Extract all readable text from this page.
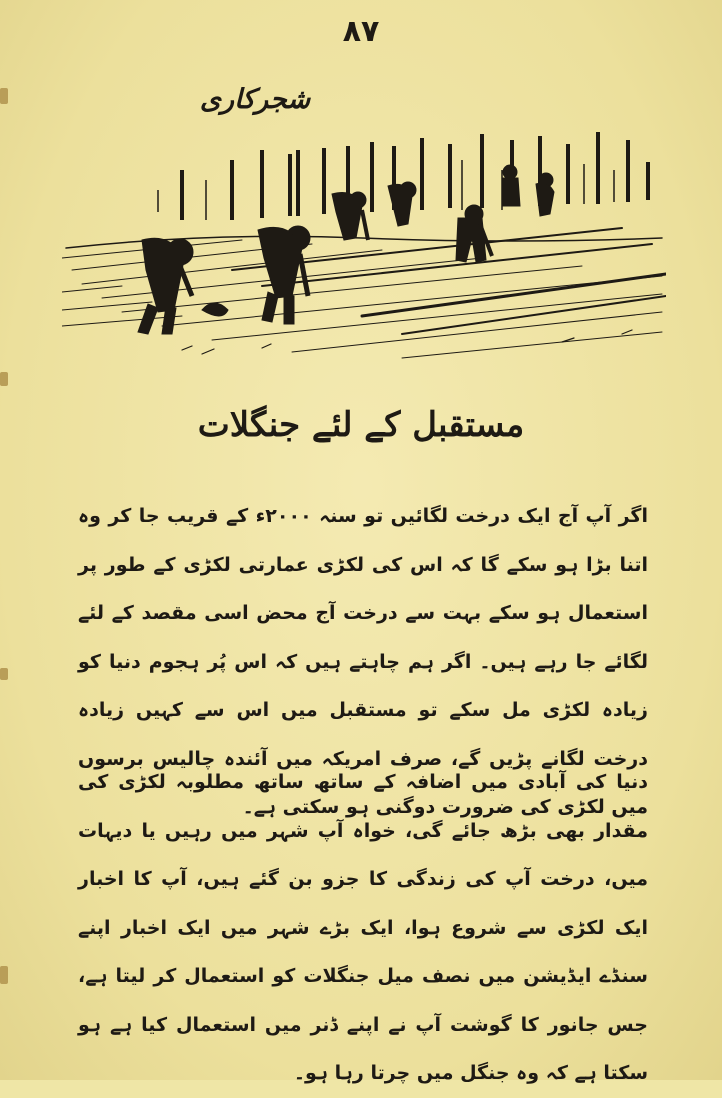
۸۷
شجرکاری
مستقبل کے لئے جنگلات
اگر آپ آج ایک درخت لگائیں تو سنہ ۲۰۰۰ء کے قریب جا کر وہ اتنا بڑا ہو سکے گا کہ اس کی لکڑی عمارتی لکڑی کے طور پر استعمال ہو سکے بہت سے درخت آج محض اسی مقصد کے لئے لگائے جا رہے ہیں۔ اگر ہم چاہتے ہیں کہ اس پُر ہجوم دنیا کو زیادہ لکڑی مل سکے تو مستقبل میں اس سے کہیں زیادہ درخت لگانے پڑیں گے، صرف امریکہ میں آئندہ چالیس برسوں میں لکڑی کی ضرورت دوگنی ہو سکتی ہے۔
دنیا کی آبادی میں اضافہ کے ساتھ ساتھ مطلوبہ لکڑی کی مقدار بھی بڑھ جائے گی، خواہ آپ شہر میں رہیں یا دیہات میں، درخت آپ کی زندگی کا جزو بن گئے ہیں، آپ کا اخبار ایک لکڑی سے شروع ہوا، ایک بڑے شہر میں ایک اخبار اپنے سنڈے ایڈیشن میں نصف میل جنگلات کو استعمال کر لیتا ہے، جس جانور کا گوشت آپ نے اپنے ڈنر میں استعمال کیا ہے ہو سکتا ہے کہ وہ جنگل میں چرتا رہا ہو۔
